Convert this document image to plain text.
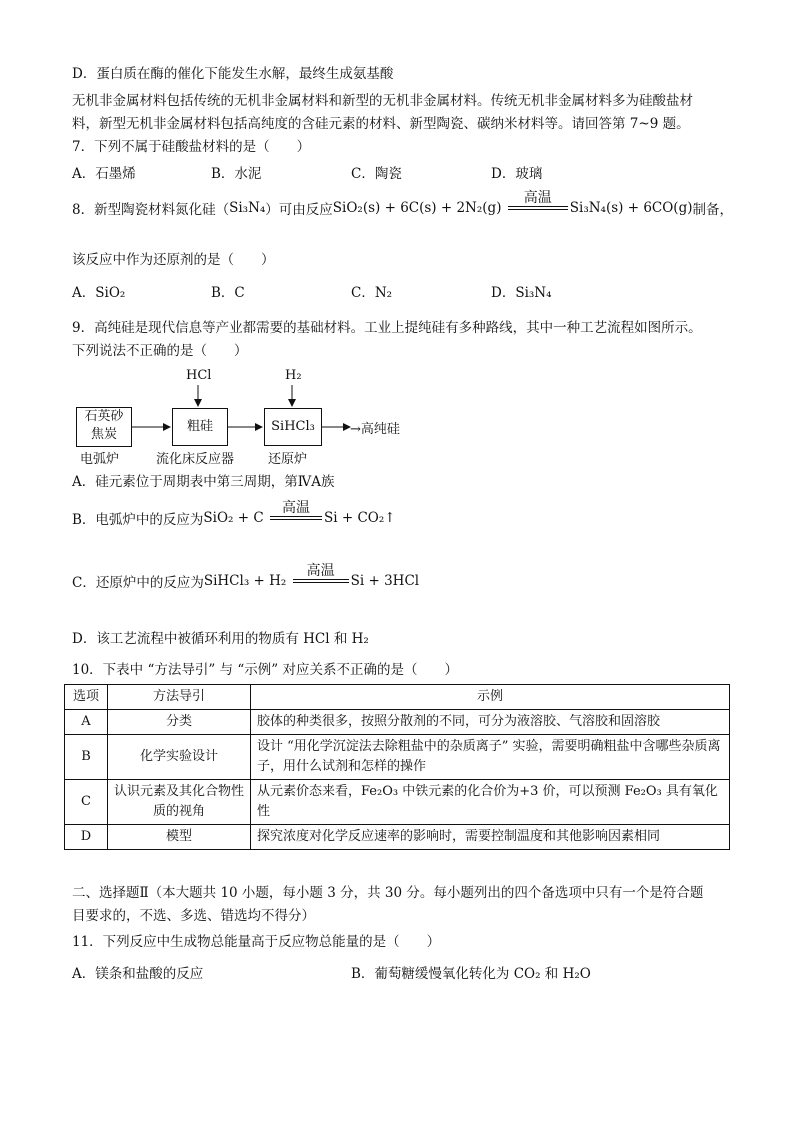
D．蛋白质在酶的催化下能发生水解，最终生成氨基酸
无机非金属材料包括传统的无机非金属材料和新型的无机非金属材料。传统无机非金属材料多为硅酸盐材
料，新型无机非金属材料包括高纯度的含硅元素的材料、新型陶瓷、碳纳米材料等。请回答第 7~9 题。
7．下列不属于硅酸盐材料的是（　　）
A．石墨烯	B．水泥	C．陶瓷	D．玻璃
8．新型陶瓷材料氮化硅（Si₃N₄）可由反应SiO₂(s) + 6C(s) + 2N₂(g)
高温

Si₃N₄(s) + 6CO(g)制备，
该反应中作为还原剂的是（　　）
A．SiO₂	B．C	C．N₂	D．Si₃N₄
9．高纯硅是现代信息等产业都需要的基础材料。工业上提纯硅有多种路线，其中一种工艺流程如图所示。
下列说法不正确的是（　　）
HCl	H₂
石英砂
焦炭
粗硅	SiHCl₃	→高纯硅
电弧炉	流化床反应器	还原炉
A．硅元素位于周期表中第三周期，第ⅣA族
B．电弧炉中的反应为SiO₂ + C
高温

Si + CO₂↑
C．还原炉中的反应为SiHCl₃ + H₂
高温

Si + 3HCl
D．该工艺流程中被循环利用的物质有 HCl 和 H₂
10．下表中 “方法导引” 与 “示例” 对应关系不正确的是（　　）
选项	方法导引	示例
A	分类	胶体的种类很多，按照分散剂的不同，可分为液溶胶、气溶胶和固溶胶
B	化学实验设计	设计 “用化学沉淀法去除粗盐中的杂质离子” 实验，需要明确粗盐中含哪些杂质离子，用什么试剂和怎样的操作
C	认识元素及其化合物性质的视角	从元素价态来看，Fe₂O₃ 中铁元素的化合价为+3 价，可以预测 Fe₂O₃ 具有氧化性
D	模型	探究浓度对化学反应速率的影响时，需要控制温度和其他影响因素相同
二、选择题Ⅱ（本大题共 10 小题，每小题 3 分，共 30 分。每小题列出的四个备选项中只有一个是符合题
目要求的，不选、多选、错选均不得分）
11．下列反应中生成物总能量高于反应物总能量的是（　　）
A．镁条和盐酸的反应	B．葡萄糖缓慢氧化转化为 CO₂ 和 H₂O
